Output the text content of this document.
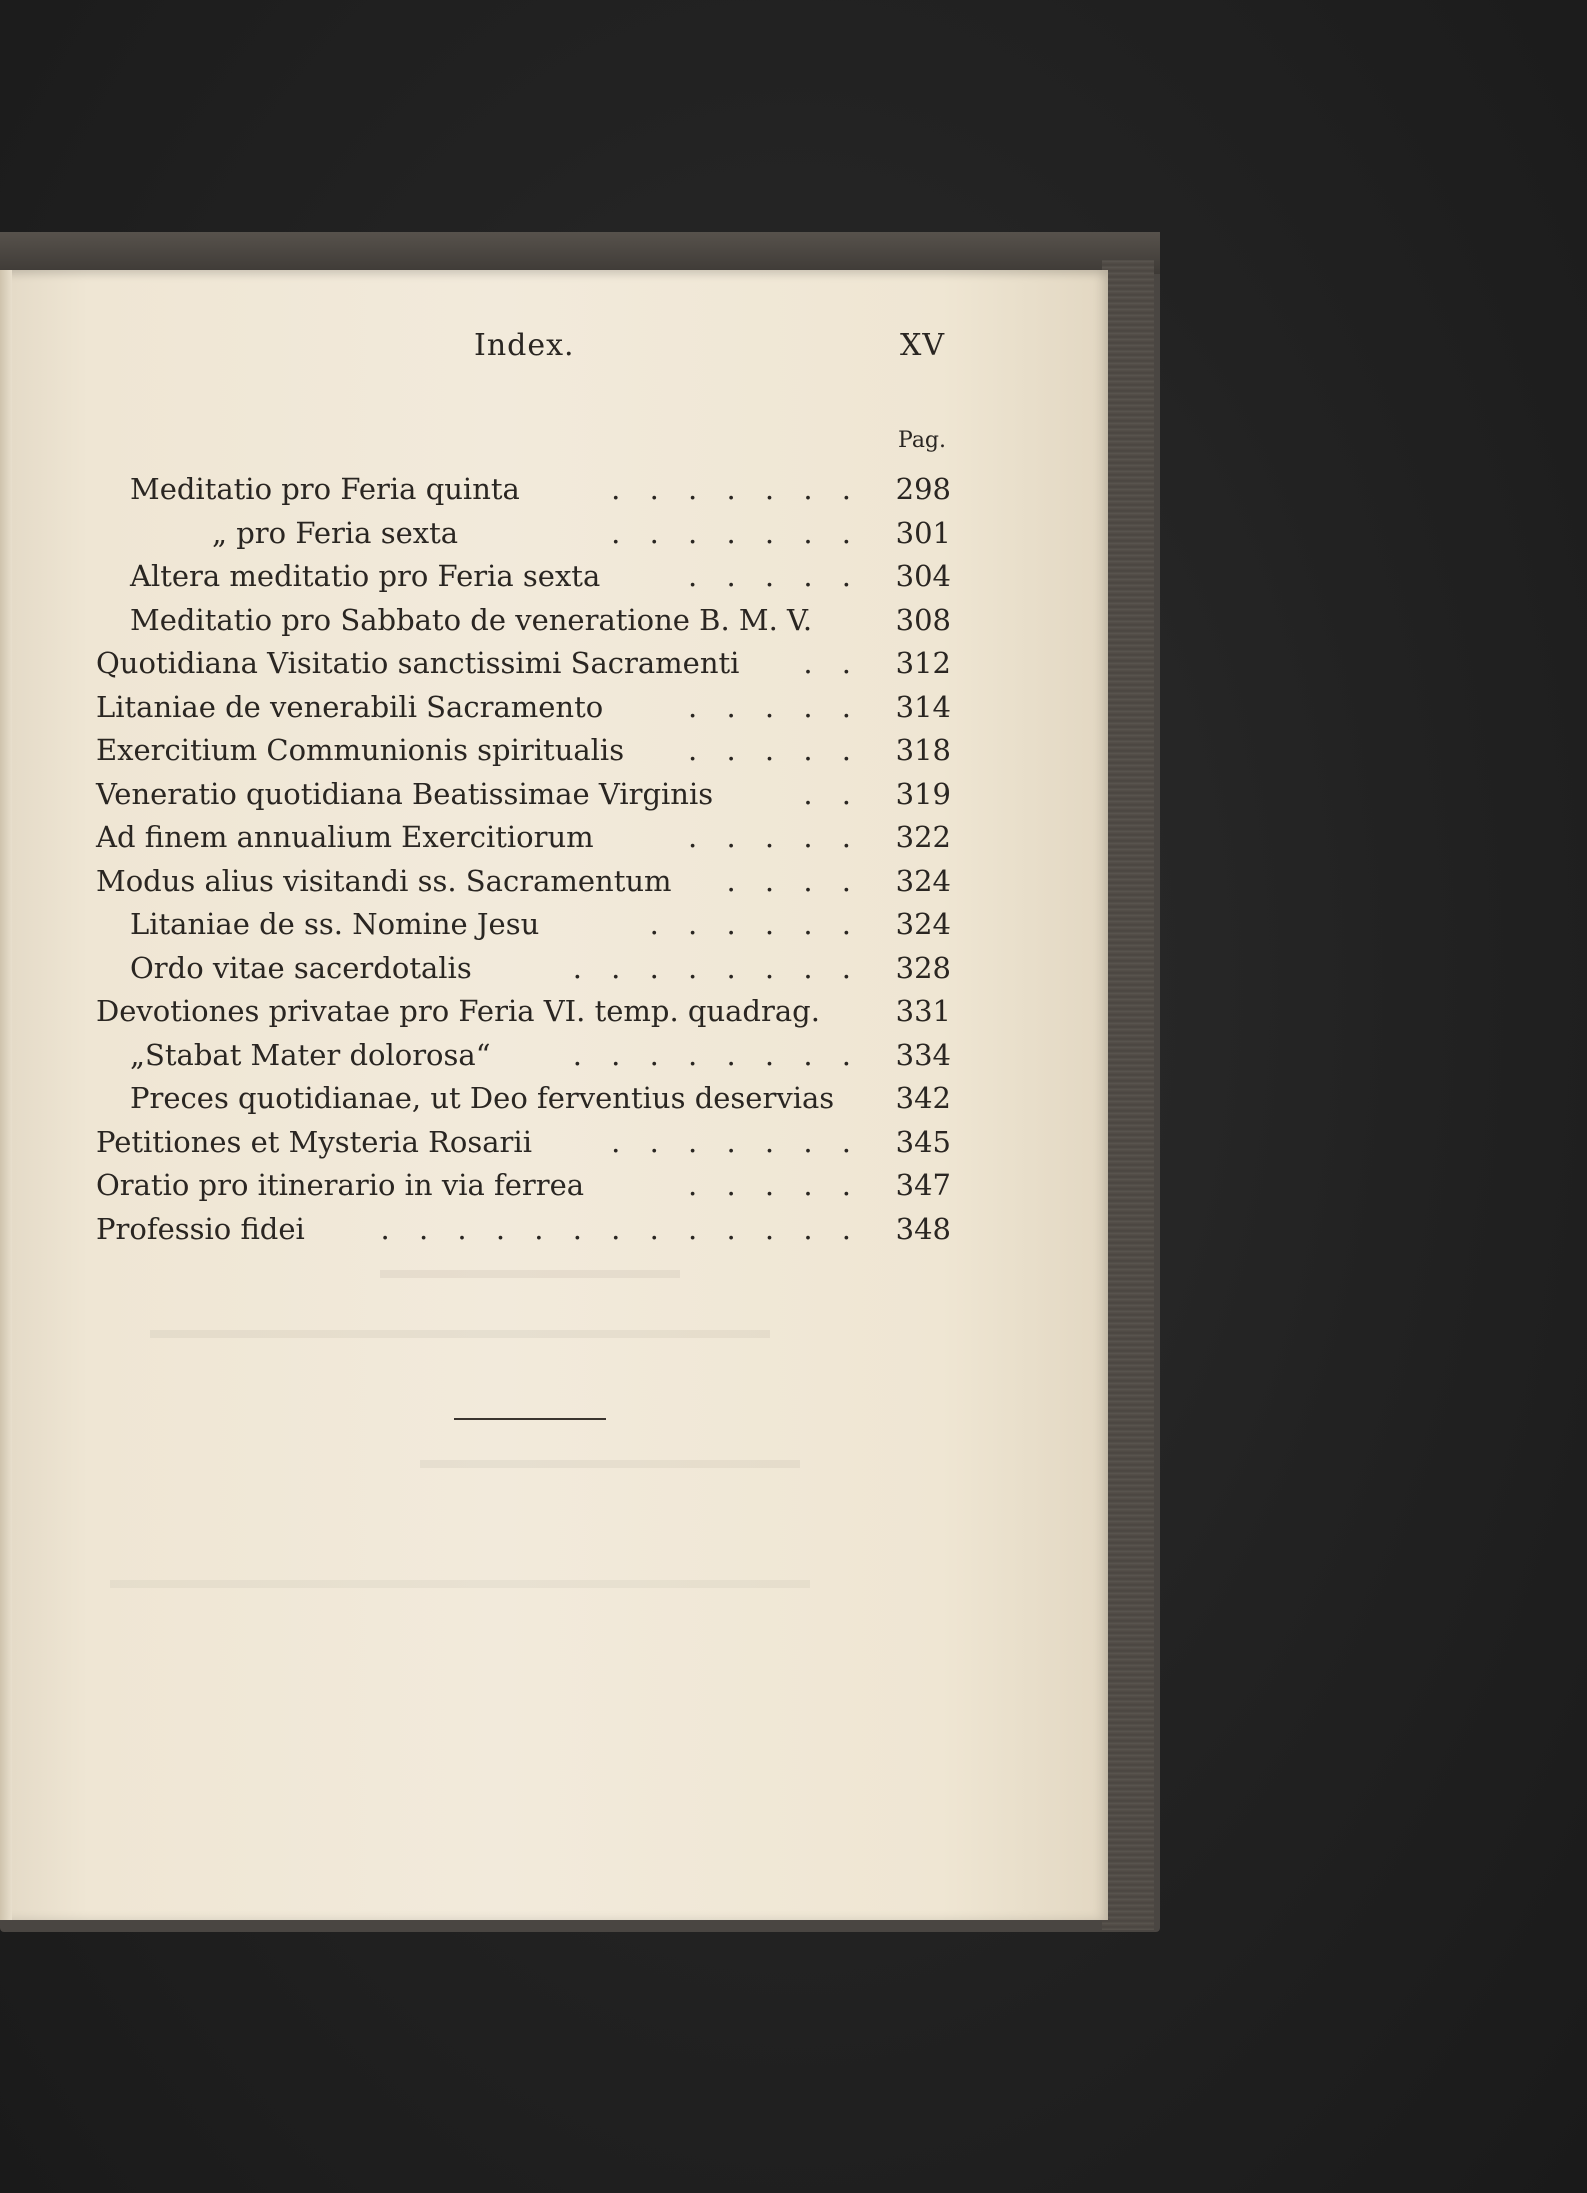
Index.	XV
Pag.
Meditatio pro Feria quinta	. . . . . . . 298
„ pro Feria sexta	. . . . . . . 301
Altera meditatio pro Feria sexta	. . . . . 304
Meditatio pro Sabbato de veneratione B. M. V.	308
Quotidiana Visitatio sanctissimi Sacramenti	. . 312
Litaniae de venerabili Sacramento	. . . . . 314
Exercitium Communionis spiritualis	. . . . . 318
Veneratio quotidiana Beatissimae Virginis	. . 319
Ad finem annualium Exercitiorum	. . . . . 322
Modus alius visitandi ss. Sacramentum	. . . . 324
Litaniae de ss. Nomine Jesu	. . . . . . 324
Ordo vitae sacerdotalis	. . . . . . . . 328
Devotiones privatae pro Feria VI. temp. quadrag.	331
„Stabat Mater dolorosa“	. . . . . . . . 334
Preces quotidianae, ut Deo ferventius deservias 342
Petitiones et Mysteria Rosarii	. . . . . . . 345
Oratio pro itinerario in via ferrea	. . . . . 347
Professio fidei	. . . . . . . . . . . . . 348
